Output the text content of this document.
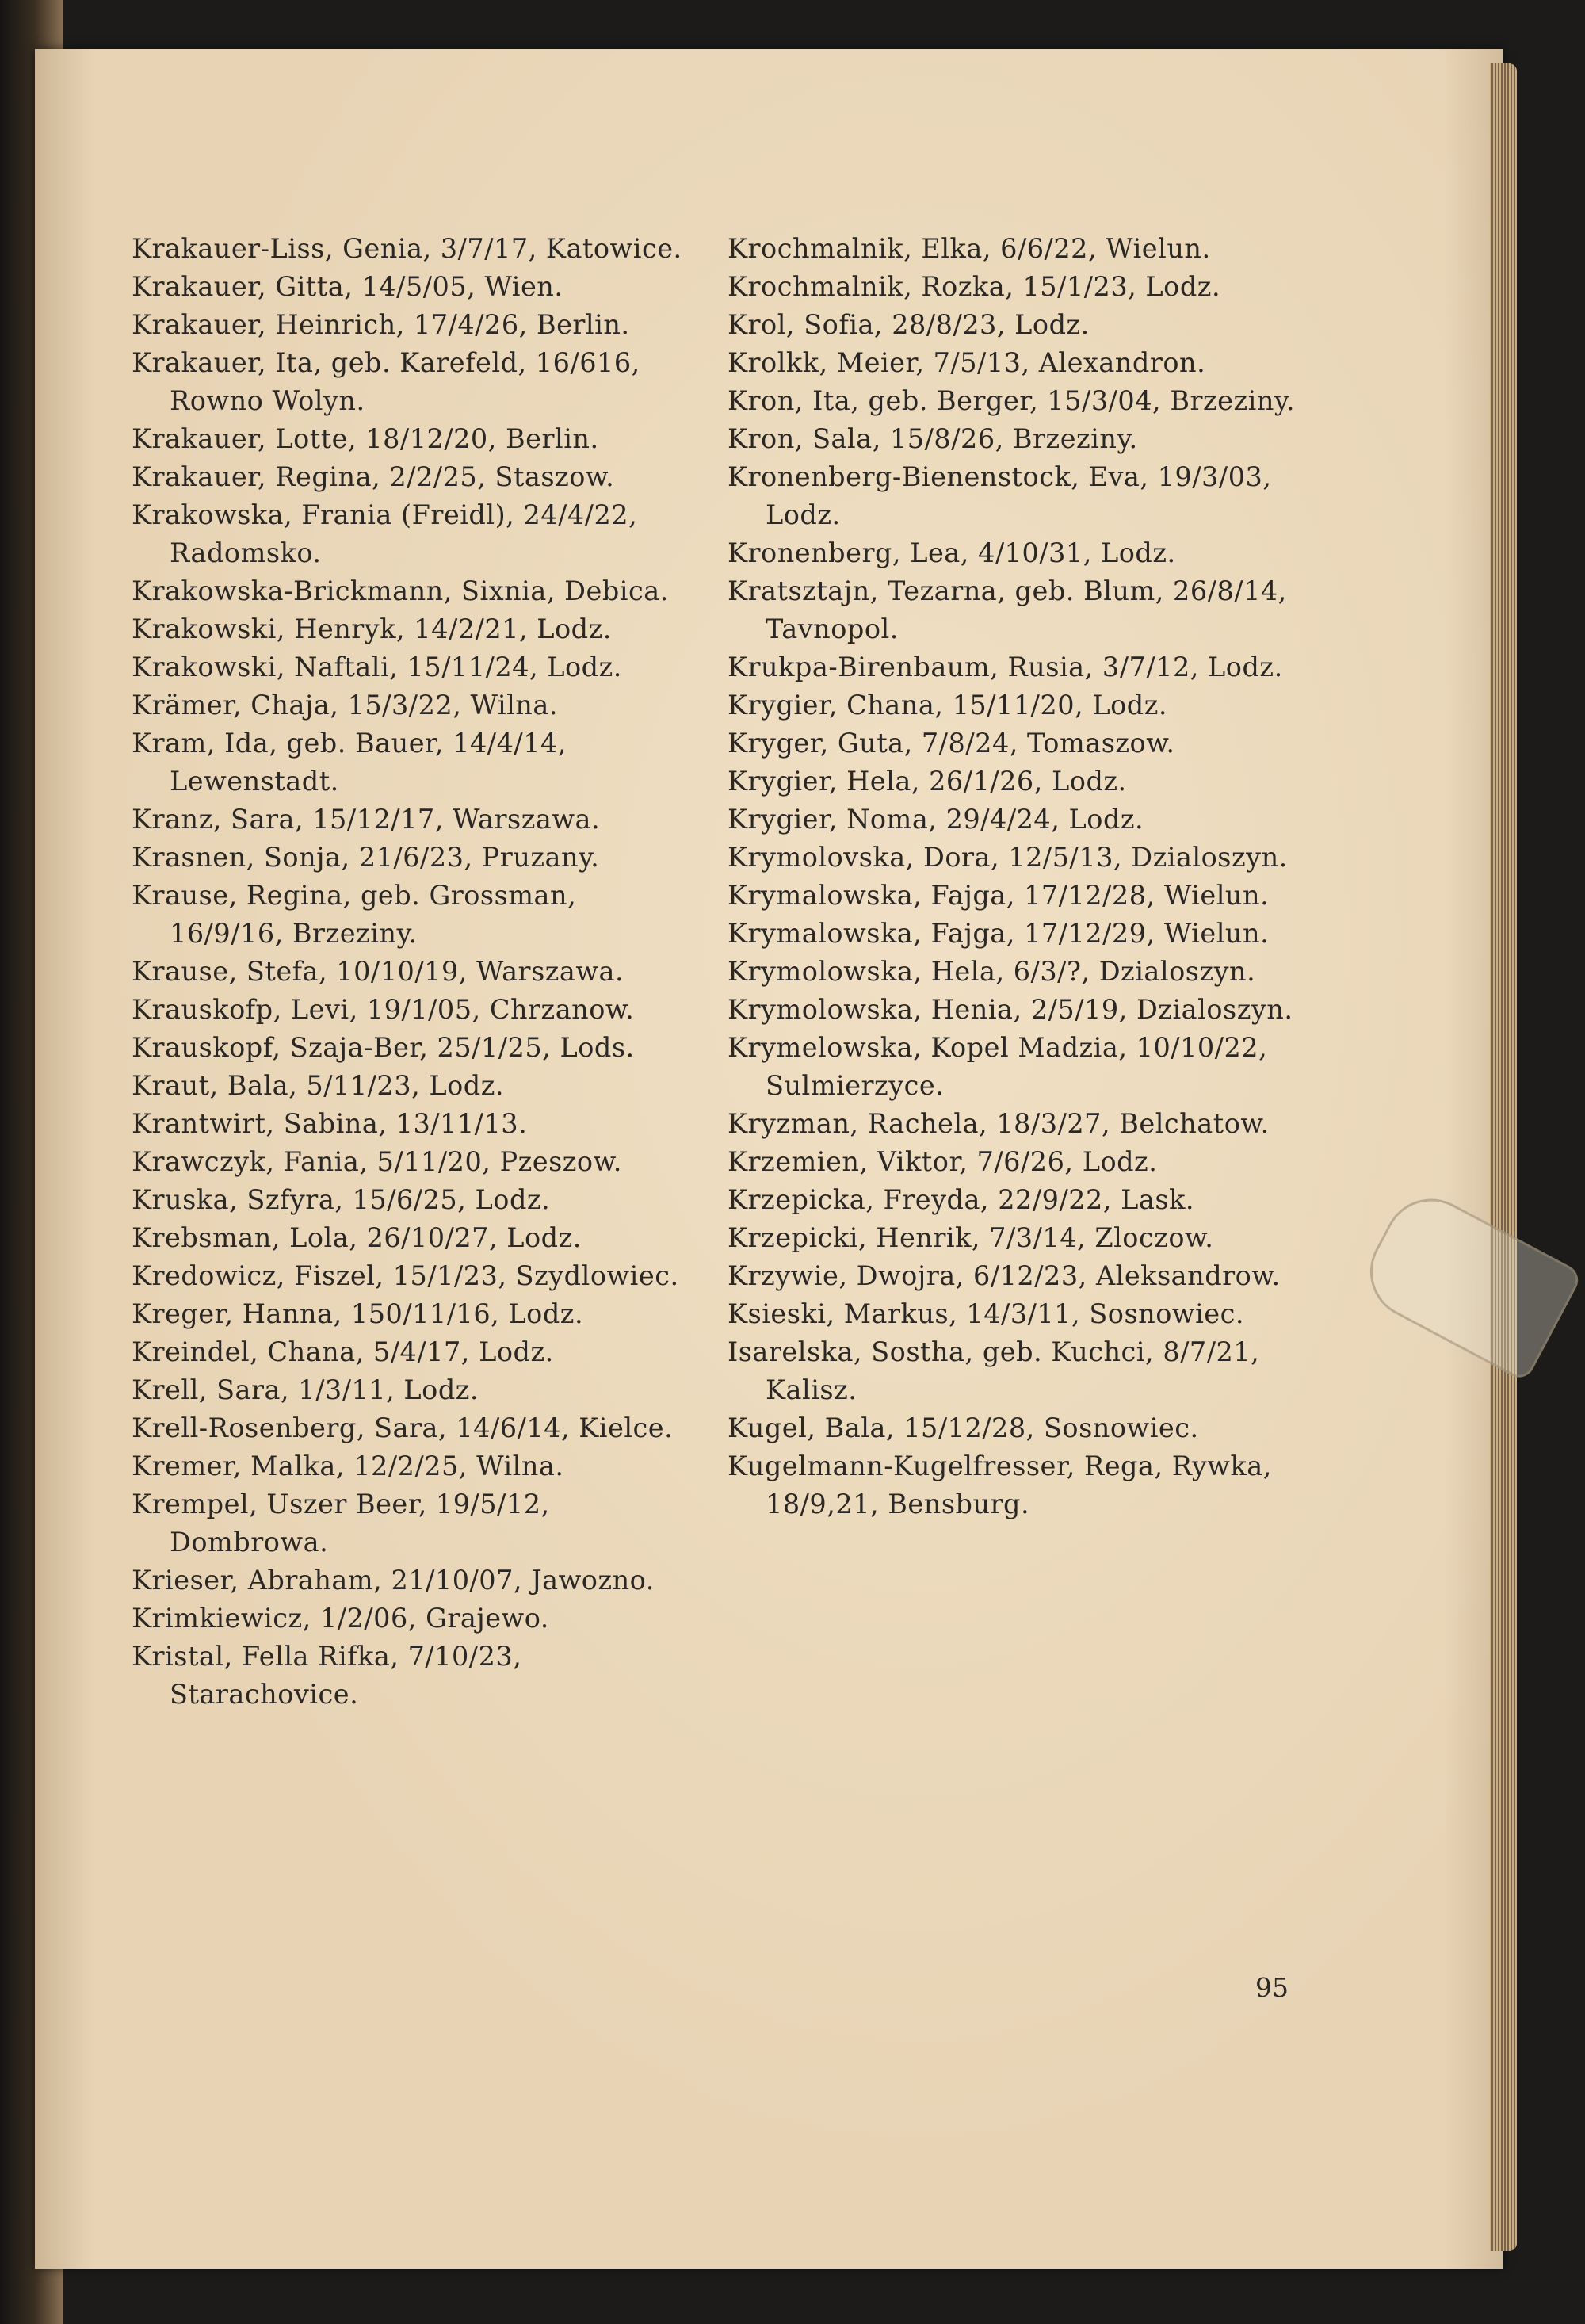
Krakauer-Liss, Genia, 3/7/17, Katowice.

Krakauer, Gitta, 14/5/05, Wien.

Krakauer, Heinrich, 17/4/26, Berlin.

Krakauer, Ita, geb. Karefeld, 16/616, Rowno Wolyn.

Krakauer, Lotte, 18/12/20, Berlin.

Krakauer, Regina, 2/2/25, Staszow.

Krakowska, Frania (Freidl), 24/4/22, Radomsko.

Krakowska-Brickmann, Sixnia, Debica.

Krakowski, Henryk, 14/2/21, Lodz.

Krakowski, Naftali, 15/11/24, Lodz.

Krämer, Chaja, 15/3/22, Wilna.

Kram, Ida, geb. Bauer, 14/4/14, Lewenstadt.

Kranz, Sara, 15/12/17, Warszawa.

Krasnen, Sonja, 21/6/23, Pruzany.

Krause, Regina, geb. Grossman, 16/9/16, Brzeziny.

Krause, Stefa, 10/10/19, Warszawa.

Krauskofp, Levi, 19/1/05, Chrzanow.

Krauskopf, Szaja-Ber, 25/1/25, Lods.

Kraut, Bala, 5/11/23, Lodz.

Krantwirt, Sabina, 13/11/13.

Krawczyk, Fania, 5/11/20, Pzeszow.

Kruska, Szfyra, 15/6/25, Lodz.

Krebsman, Lola, 26/10/27, Lodz.

Kredowicz, Fiszel, 15/1/23, Szydlowiec.

Kreger, Hanna, 150/11/16, Lodz.

Kreindel, Chana, 5/4/17, Lodz.

Krell, Sara, 1/3/11, Lodz.

Krell-Rosenberg, Sara, 14/6/14, Kielce.

Kremer, Malka, 12/2/25, Wilna.

Krempel, Uszer Beer, 19/5/12, Dombrowa.

Krieser, Abraham, 21/10/07, Jawozno.

Krimkiewicz, 1/2/06, Grajewo.

Kristal, Fella Rifka, 7/10/23, Starachovice.

Krochmalnik, Elka, 6/6/22, Wielun.

Krochmalnik, Rozka, 15/1/23, Lodz.

Krol, Sofia, 28/8/23, Lodz.

Krolkk, Meier, 7/5/13, Alexandron.

Kron, Ita, geb. Berger, 15/3/04, Brzeziny.

Kron, Sala, 15/8/26, Brzeziny.

Kronenberg-Bienenstock, Eva, 19/3/03, Lodz.

Kronenberg, Lea, 4/10/31, Lodz.

Kratsztajn, Tezarna, geb. Blum, 26/8/14, Tavnopol.

Krukpa-Birenbaum, Rusia, 3/7/12, Lodz.

Krygier, Chana, 15/11/20, Lodz.

Kryger, Guta, 7/8/24, Tomaszow.

Krygier, Hela, 26/1/26, Lodz.

Krygier, Noma, 29/4/24, Lodz.

Krymolovska, Dora, 12/5/13, Dzialoszyn.

Krymalowska, Fajga, 17/12/28, Wielun.

Krymalowska, Fajga, 17/12/29, Wielun.

Krymolowska, Hela, 6/3/?, Dzialoszyn.

Krymolowska, Henia, 2/5/19, Dzialoszyn.

Krymelowska, Kopel Madzia, 10/10/22, Sulmierzyce.

Kryzman, Rachela, 18/3/27, Belchatow.

Krzemien, Viktor, 7/6/26, Lodz.

Krzepicka, Freyda, 22/9/22, Lask.

Krzepicki, Henrik, 7/3/14, Zloczow.

Krzywie, Dwojra, 6/12/23, Aleksandrow.

Ksieski, Markus, 14/3/11, Sosnowiec.

Isarelska, Sostha, geb. Kuchci, 8/7/21, Kalisz.

Kugel, Bala, 15/12/28, Sosnowiec.

Kugelmann-Kugelfresser, Rega, Rywka, 18/9,21, Bensburg.

95
